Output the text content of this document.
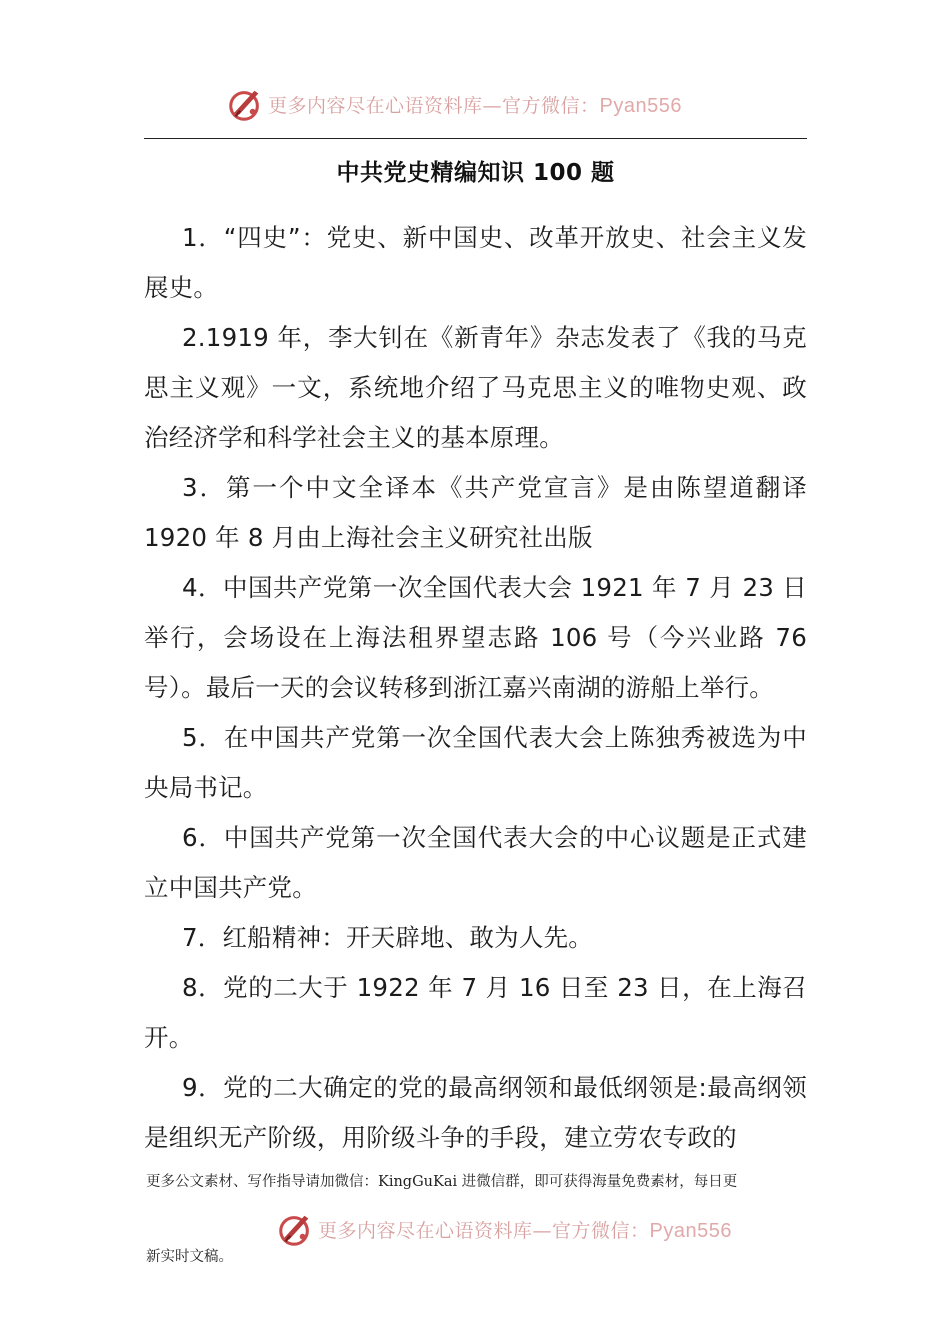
更多内容尽在心语资料库—官方微信：Pyan556
中共党史精编知识 100 题

1．“四史”：党史、新中国史、改革开放史、社会主义发展史。

2.1919 年，李大钊在《新青年》杂志发表了《我的马克思主义观》一文，系统地介绍了马克思主义的唯物史观、政治经济学和科学社会主义的基本原理。

3．第一个中文全译本《共产党宣言》是由陈望道翻译 1920 年 8 月由上海社会主义研究社出版

4．中国共产党第一次全国代表大会 1921 年 7 月 23 日举行，会场设在上海法租界望志路 106 号（今兴业路 76 号）。最后一天的会议转移到浙江嘉兴南湖的游船上举行。

5．在中国共产党第一次全国代表大会上陈独秀被选为中央局书记。

6．中国共产党第一次全国代表大会的中心议题是正式建立中国共产党。

7．红船精神：开天辟地、敢为人先。

8．党的二大于 1922 年 7 月 16 日至 23 日，在上海召开。

9．党的二大确定的党的最高纲领和最低纲领是:最高纲领是组织无产阶级，用阶级斗争的手段，建立劳农专政的

更多公文素材、写作指导请加微信：KingGuKai 进微信群，即可获得海量免费素材，每日更
更多内容尽在心语资料库—官方微信：Pyan556
新实时文稿。
